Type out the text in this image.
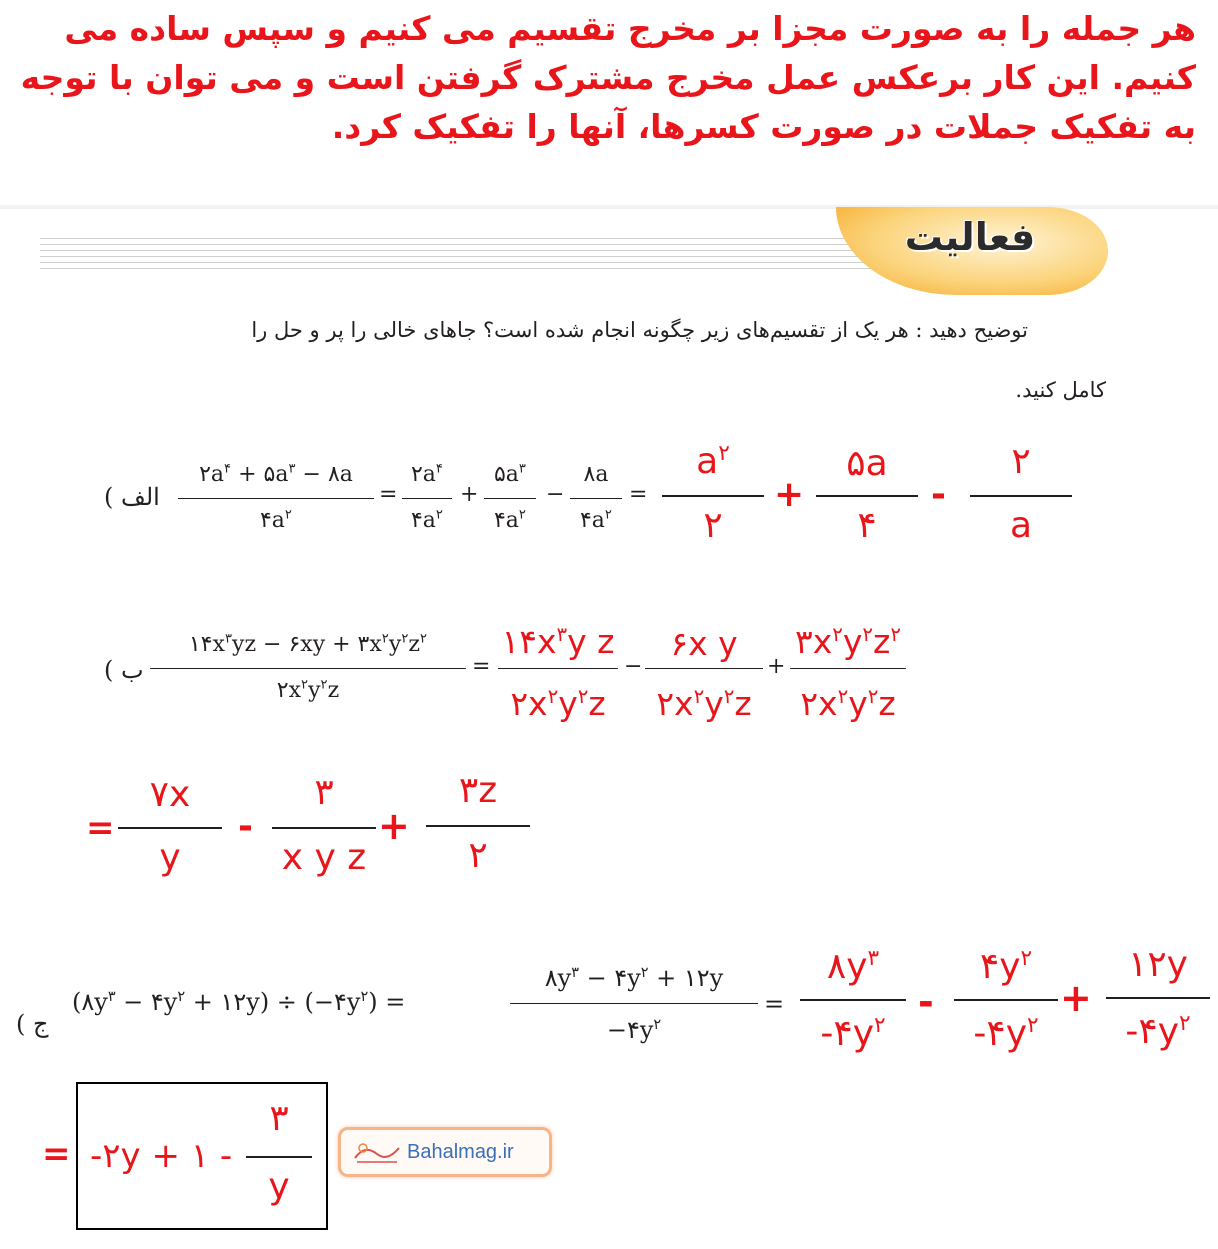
هر جمله را به صورت مجزا بر مخرج تقسیم می کنیم و سپس ساده می کنیم. این کار برعکس عمل مخرج مشترک گرفتن است و می توان با توجه به تفکیک جملات در صورت کسرها، آنها را تفکیک کرد.
فعالیت
توضیح دهید : هر یک از تقسیم‌های زیر چگونه انجام شده است؟ جاهای خالی را پر و حل را
کامل کنید.
الف )
$۲a^۴$ + $۵a^۳$ − ۸a
$۴a^۲$
=
$۲a^۴$
$۴a^۲$
+
$۵a^۳$
$۴a^۲$
−
۸a
$۴a^۲$
=
$a^۲$
۲
+
۵a
۴
-
۲
a
ب )
$۱۴x^۳yz$ − ۶xy + $۳x^۲y^۲z^۲$
$۲x^۲y^۲z$
=
$۱۴x^۳y$ z
$۲x^۲y^۲z$
−
۶x y
$۲x^۲y^۲z$
+
$۳x^۲y^۲z^۲$
$۲x^۲y^۲z$
=
۷x
y
-
۳
x y z
+
۳z
۲
ج )
($۸y^۳$ − $۴y^۲$ + ۱۲y) ÷ $(-۴y^۲)$ =
$۸y^۳$ − $۴y^۲$ + ۱۲y
$-۴y^۲$
=
$۸y^۳$
$-۴y^۲$
-
$۴y^۲$
$-۴y^۲$
+
۱۲y
$-۴y^۲$
= -۲y + ۱ -
۳
y
Bahalmag.ir
